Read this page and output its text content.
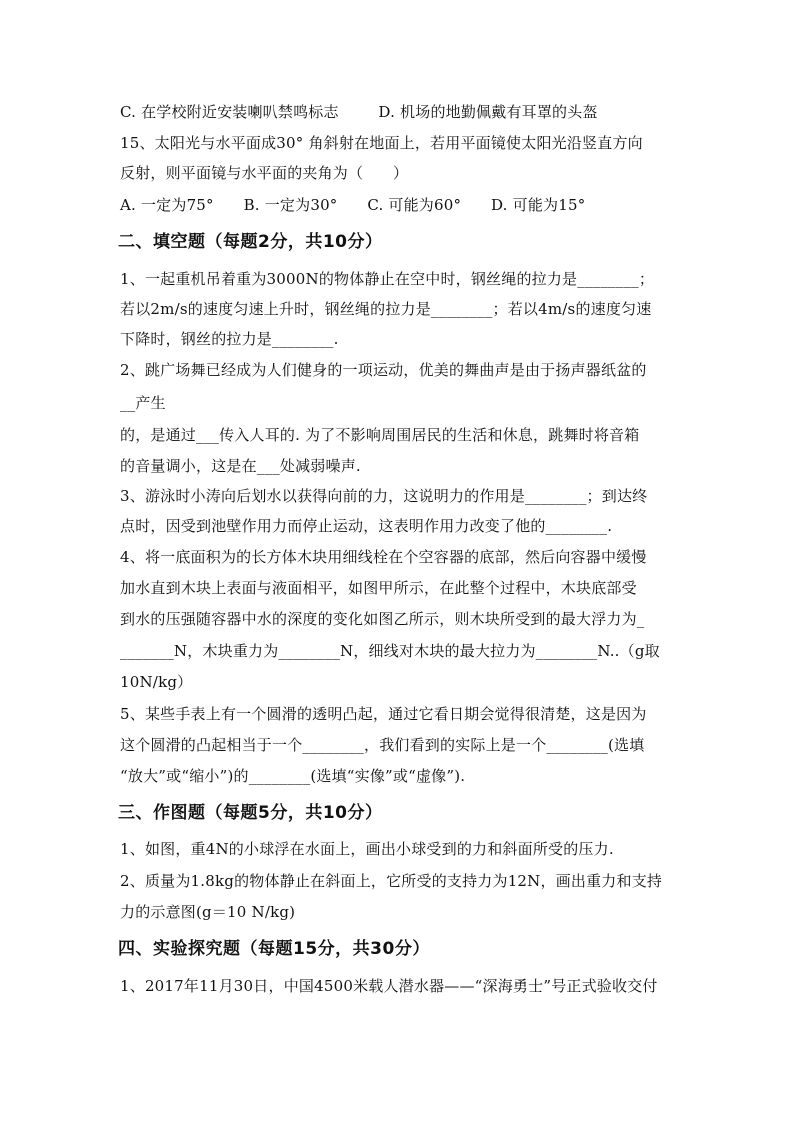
C. 在学校附近安装喇叭禁鸣标志        D. 机场的地勤佩戴有耳罩的头盔
15、太阳光与水平面成30° 角斜射在地面上，若用平面镜使太阳光沿竖直方向
反射，则平面镜与水平面的夹角为（      ）
A. 一定为75°      B. 一定为30°      C. 可能为60°      D. 可能为15°
二、填空题（每题2分，共10分）
1、一起重机吊着重为3000N的物体静止在空中时，钢丝绳的拉力是________；
若以2m/s的速度匀速上升时，钢丝绳的拉力是________；若以4m/s的速度匀速
下降时，钢丝的拉力是________.
2、跳广场舞已经成为人们健身的一项运动，优美的舞曲声是由于扬声器纸盆的
__产生
的，是通过___传入人耳的. 为了不影响周围居民的生活和休息，跳舞时将音箱
的音量调小，这是在___处减弱噪声.
3、游泳时小涛向后划水以获得向前的力，这说明力的作用是________；到达终
点时，因受到池壁作用力而停止运动，这表明作用力改变了他的________.
4、将一底面积为的长方体木块用细线栓在个空容器的底部，然后向容器中缓慢
加水直到木块上表面与液面相平，如图甲所示，在此整个过程中，木块底部受
到水的压强随容器中水的深度的变化如图乙所示，则木块所受到的最大浮力为_
_______N，木块重力为________N，细线对木块的最大拉力为________N..（g取
10N/kg）
5、某些手表上有一个圆滑的透明凸起，通过它看日期会觉得很清楚，这是因为
这个圆滑的凸起相当于一个________，我们看到的实际上是一个________(选填
“放大”或“缩小”)的________(选填“实像”或“虚像”).
三、作图题（每题5分，共10分）
1、如图，重4N的小球浮在水面上，画出小球受到的力和斜面所受的压力.
2、质量为1.8kg的物体静止在斜面上，它所受的支持力为12N，画出重力和支持
力的示意图(g＝10 N/kg)
四、实验探究题（每题15分，共30分）
1、2017年11月30日，中国4500米载人潜水器——“深海勇士”号正式验收交付
